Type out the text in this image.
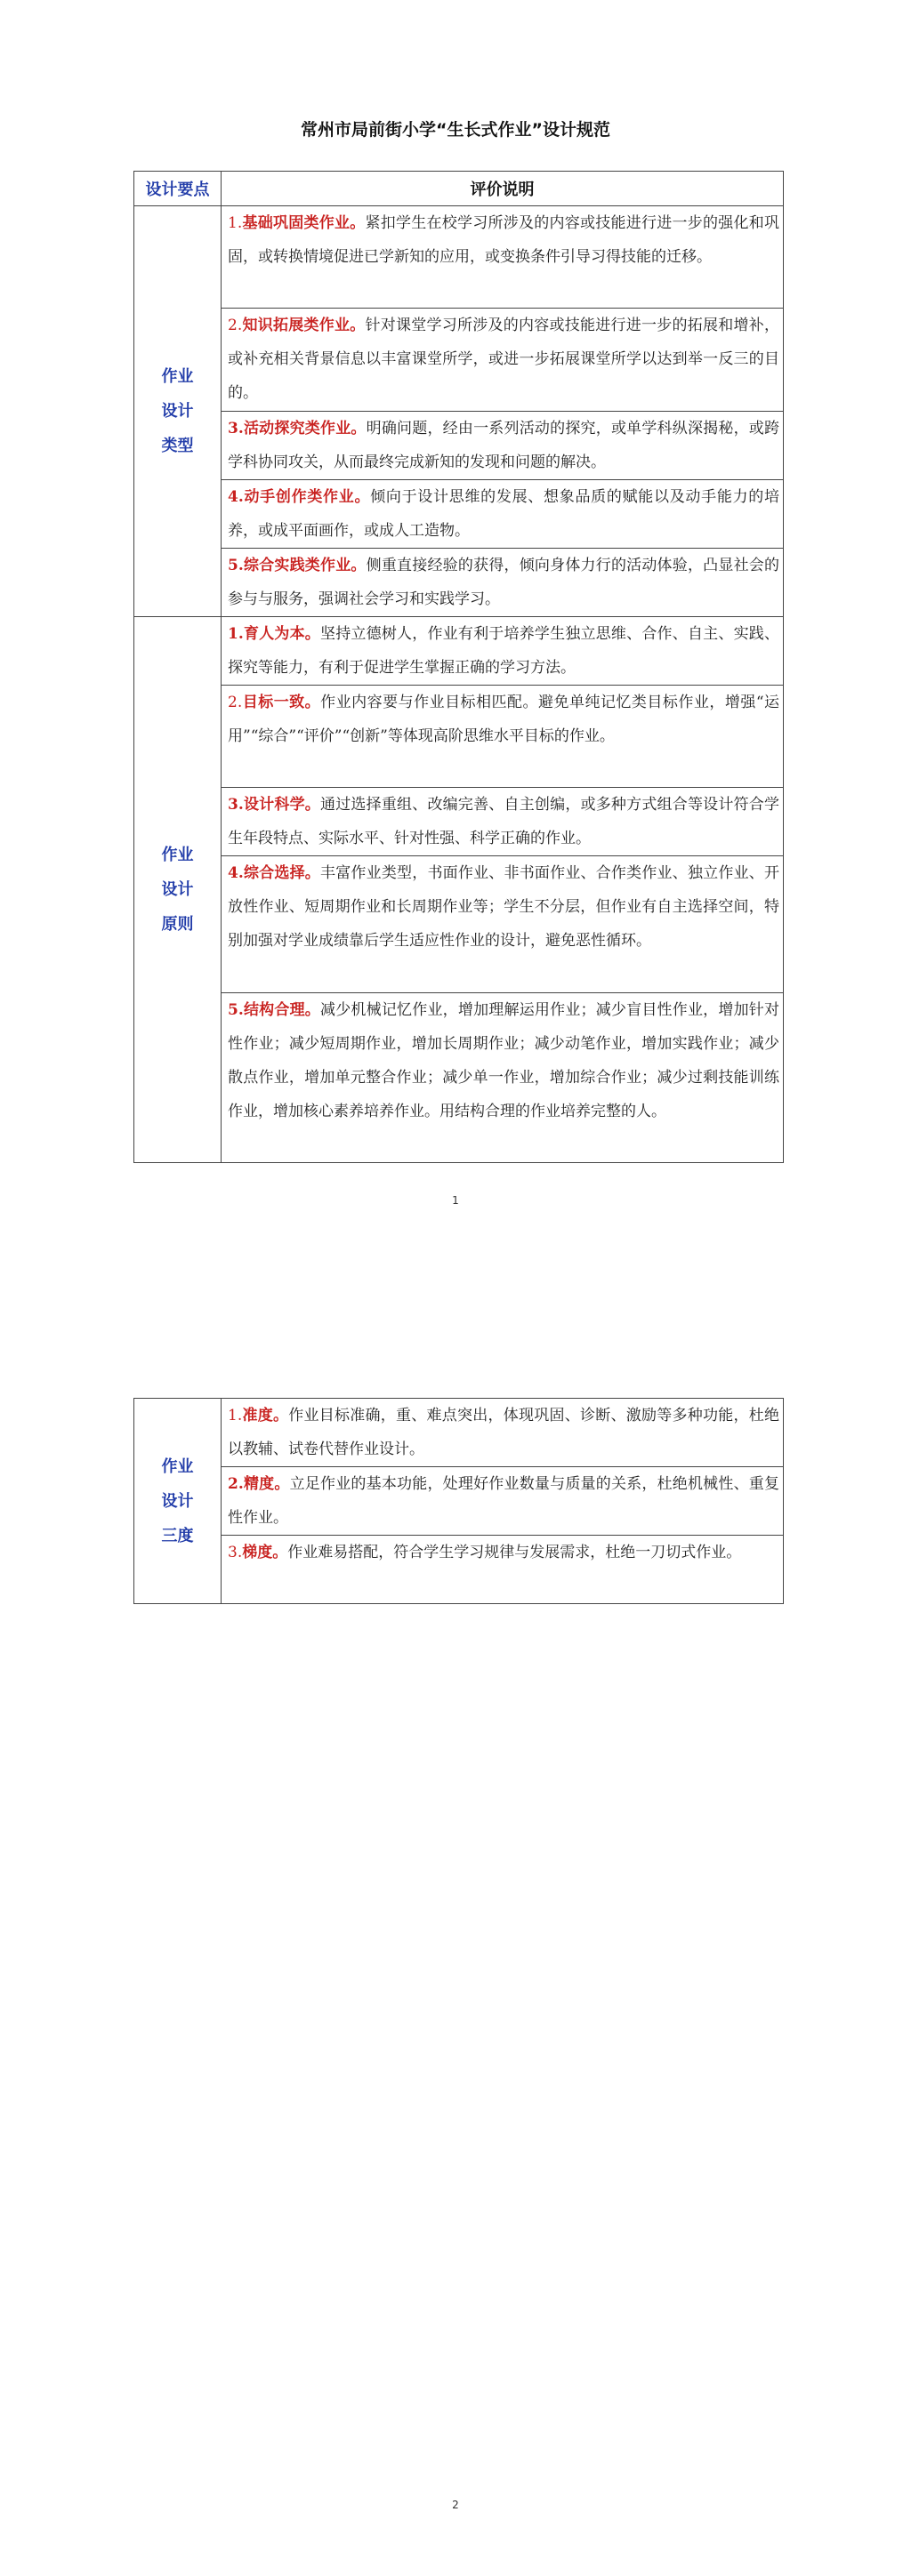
常州市局前街小学“生长式作业”设计规范
设计要点	评价说明

作业
设计
类型	1.基础巩固类作业。紧扣学生在校学习所涉及的内容或技能进行进一步的强化和巩固，或转换情境促进已学新知的应用，或变换条件引导习得技能的迁移。
	2.知识拓展类作业。针对课堂学习所涉及的内容或技能进行进一步的拓展和增补，或补充相关背景信息以丰富课堂所学，或进一步拓展课堂所学以达到举一反三的目的。
	3.活动探究类作业。明确问题，经由一系列活动的探究，或单学科纵深揭秘，或跨学科协同攻关，从而最终完成新知的发现和问题的解决。
	4.动手创作类作业。倾向于设计思维的发展、想象品质的赋能以及动手能力的培养，或成平面画作，或成人工造物。
	5.综合实践类作业。侧重直接经验的获得，倾向身体力行的活动体验，凸显社会的参与与服务，强调社会学习和实践学习。

作业
设计
原则	1.育人为本。坚持立德树人，作业有利于培养学生独立思维、合作、自主、实践、探究等能力，有利于促进学生掌握正确的学习方法。
	2.目标一致。作业内容要与作业目标相匹配。避免单纯记忆类目标作业，增强“运用”“综合”“评价”“创新”等体现高阶思维水平目标的作业。
	3.设计科学。通过选择重组、改编完善、自主创编，或多种方式组合等设计符合学生年段特点、实际水平、针对性强、科学正确的作业。
	4.综合选择。丰富作业类型，书面作业、非书面作业、合作类作业、独立作业、开放性作业、短周期作业和长周期作业等；学生不分层，但作业有自主选择空间，特别加强对学业成绩靠后学生适应性作业的设计，避免恶性循环。
	5.结构合理。减少机械记忆作业，增加理解运用作业；减少盲目性作业，增加针对性作业；减少短周期作业，增加长周期作业；减少动笔作业，增加实践作业；减少散点作业，增加单元整合作业；减少单一作业，增加综合作业；减少过剩技能训练作业，增加核心素养培养作业。用结构合理的作业培养完整的人。
1
作业
设计
三度
	1.准度。作业目标准确，重、难点突出，体现巩固、诊断、激励等多种功能，杜绝以教辅、试卷代替作业设计。
2.精度。立足作业的基本功能，处理好作业数量与质量的关系，杜绝机械性、重复性作业。
3.梯度。作业难易搭配，符合学生学习规律与发展需求，杜绝一刀切式作业。
2
